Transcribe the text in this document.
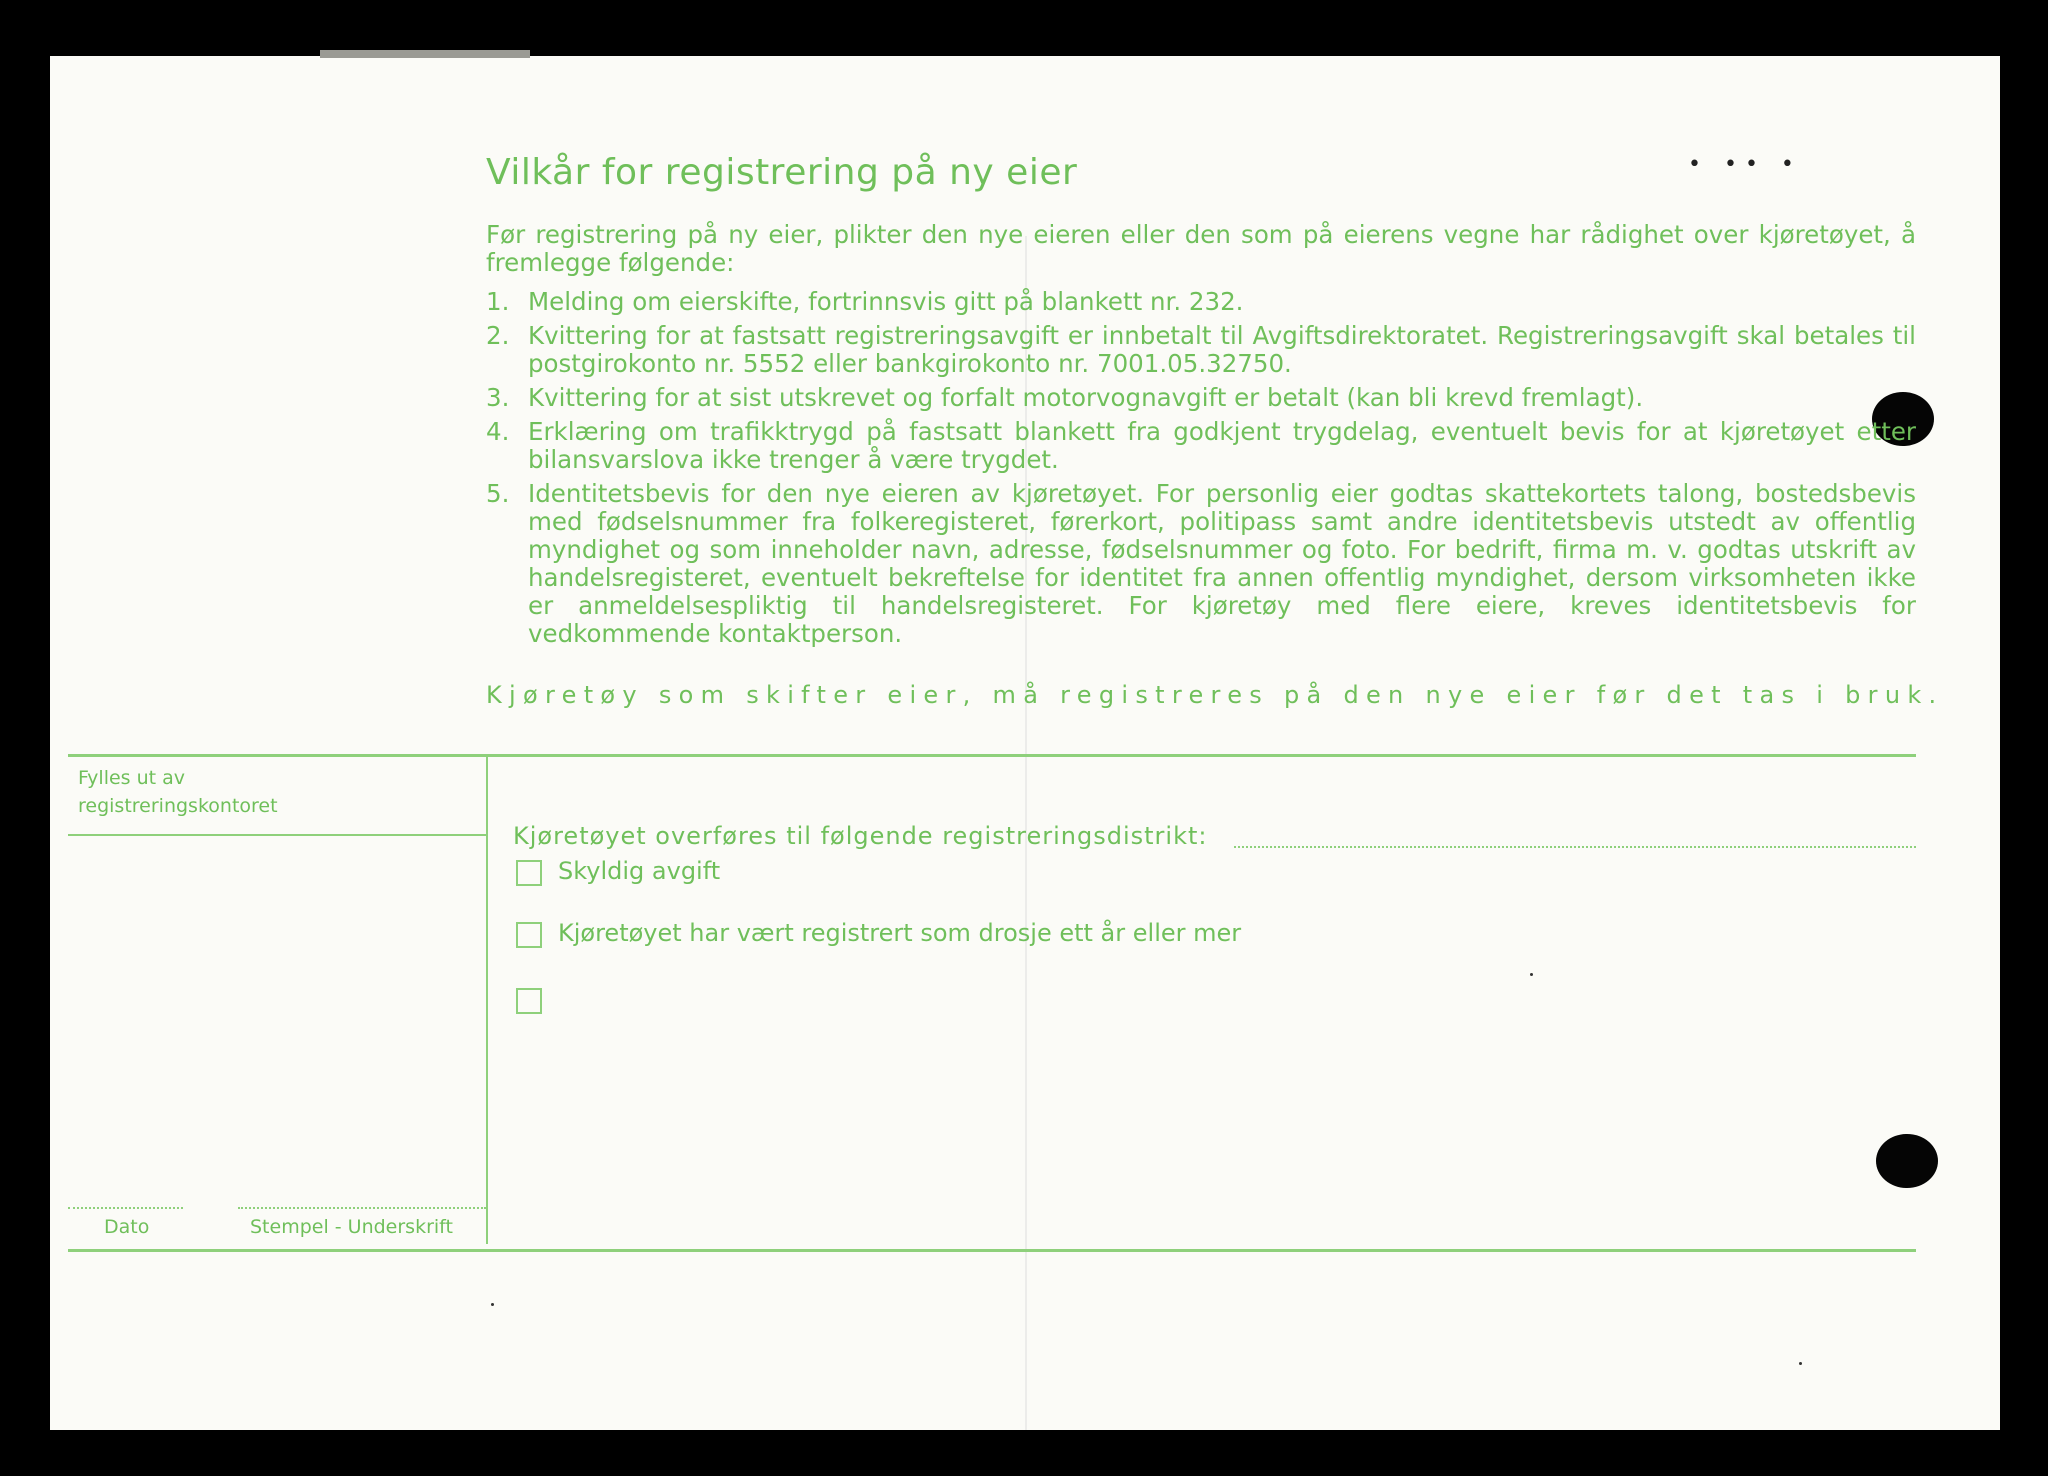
• •• •
Vilkår for registrering på ny eier

Før registrering på ny eier, plikter den nye eieren eller den som på eierens vegne har rådighet over kjøretøyet, å fremlegge følgende:

1. Melding om eierskifte, fortrinnsvis gitt på blankett nr. 232.
2. Kvittering for at fastsatt registreringsavgift er innbetalt til Avgiftsdirektoratet. Registreringsavgift skal betales til postgirokonto nr. 5552 eller bankgirokonto nr. 7001.05.32750.
3. Kvittering for at sist utskrevet og forfalt motorvognavgift er betalt (kan bli krevd fremlagt).
4. Erklæring om trafikktrygd på fastsatt blankett fra godkjent trygdelag, eventuelt bevis for at kjøretøyet etter bilansvarslova ikke trenger å være trygdet.
5. Identitetsbevis for den nye eieren av kjøretøyet. For personlig eier godtas skattekortets talong, bostedsbevis med fødselsnummer fra folkeregisteret, førerkort, politipass samt andre identitetsbevis utstedt av offentlig myndighet og som inneholder navn, adresse, fødselsnummer og foto. For bedrift, firma m. v. godtas utskrift av handelsregisteret, eventuelt bekreftelse for identitet fra annen offentlig myndighet, dersom virksomheten ikke er anmeldelsespliktig til handelsregisteret. For kjøretøy med flere eiere, kreves identitetsbevis for vedkommende kontaktperson.
Kjøretøy som skifter eier, må registreres på den nye eier før det tas i bruk.
Fylles ut av
registreringskontoret
Dato	Stempel - Underskrift
Kjøretøyet overføres til følgende registreringsdistrikt:
Skyldig avgift
Kjøretøyet har vært registrert som drosje ett år eller mer
